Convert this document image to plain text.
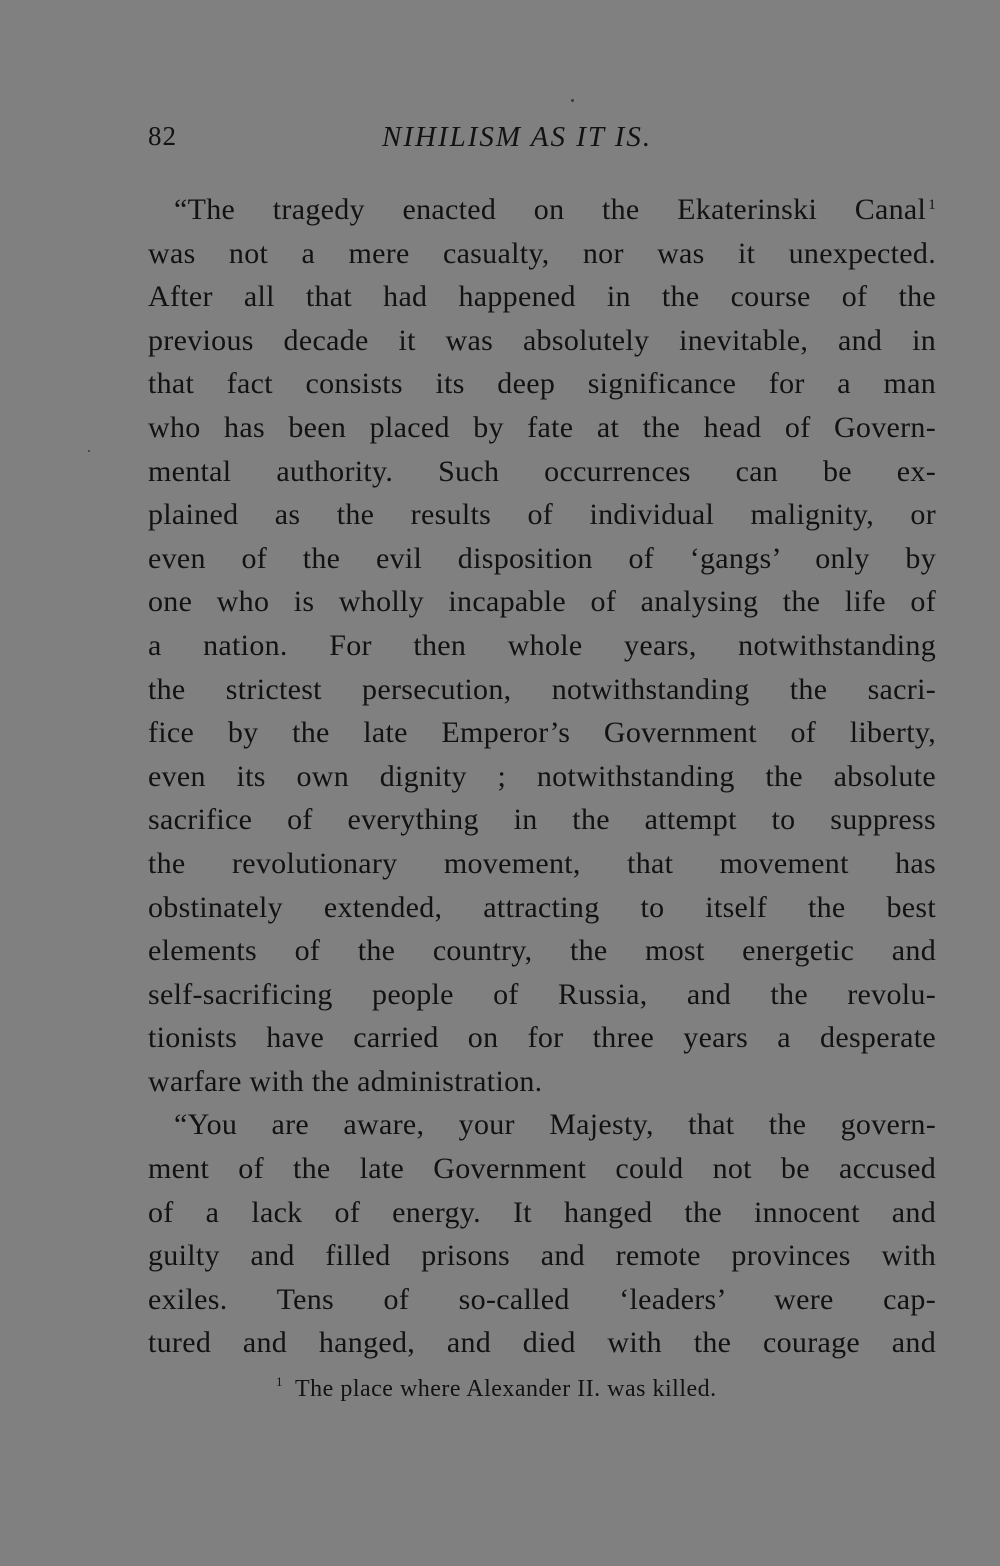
82	NIHILISM AS IT IS.
“The tragedy enacted on the Ekaterinski Canal $^1$
was not a mere casualty, nor was it unexpected.
After all that had happened in the course of the
previous decade it was absolutely inevitable, and in
that fact consists its deep significance for a man
who has been placed by fate at the head of Govern-
mental authority. Such occurrences can be ex-
plained as the results of individual malignity, or
even of the evil disposition of ‘gangs’ only by
one who is wholly incapable of analysing the life of
a nation. For then whole years, notwithstanding
the strictest persecution, notwithstanding the sacri-
fice by the late Emperor’s Government of liberty,
even its own dignity ; notwithstanding the absolute
sacrifice of everything in the attempt to suppress
the revolutionary movement, that movement has
obstinately extended, attracting to itself the best
elements of the country, the most energetic and
self-sacrificing people of Russia, and the revolu-
tionists have carried on for three years a desperate
warfare with the administration.
“You are aware, your Majesty, that the govern-
ment of the late Government could not be accused
of a lack of energy. It hanged the innocent and
guilty and filled prisons and remote provinces with
exiles. Tens of so-called ‘leaders’ were cap-
tured and hanged, and died with the courage and
$^1$ The place where Alexander II. was killed.
